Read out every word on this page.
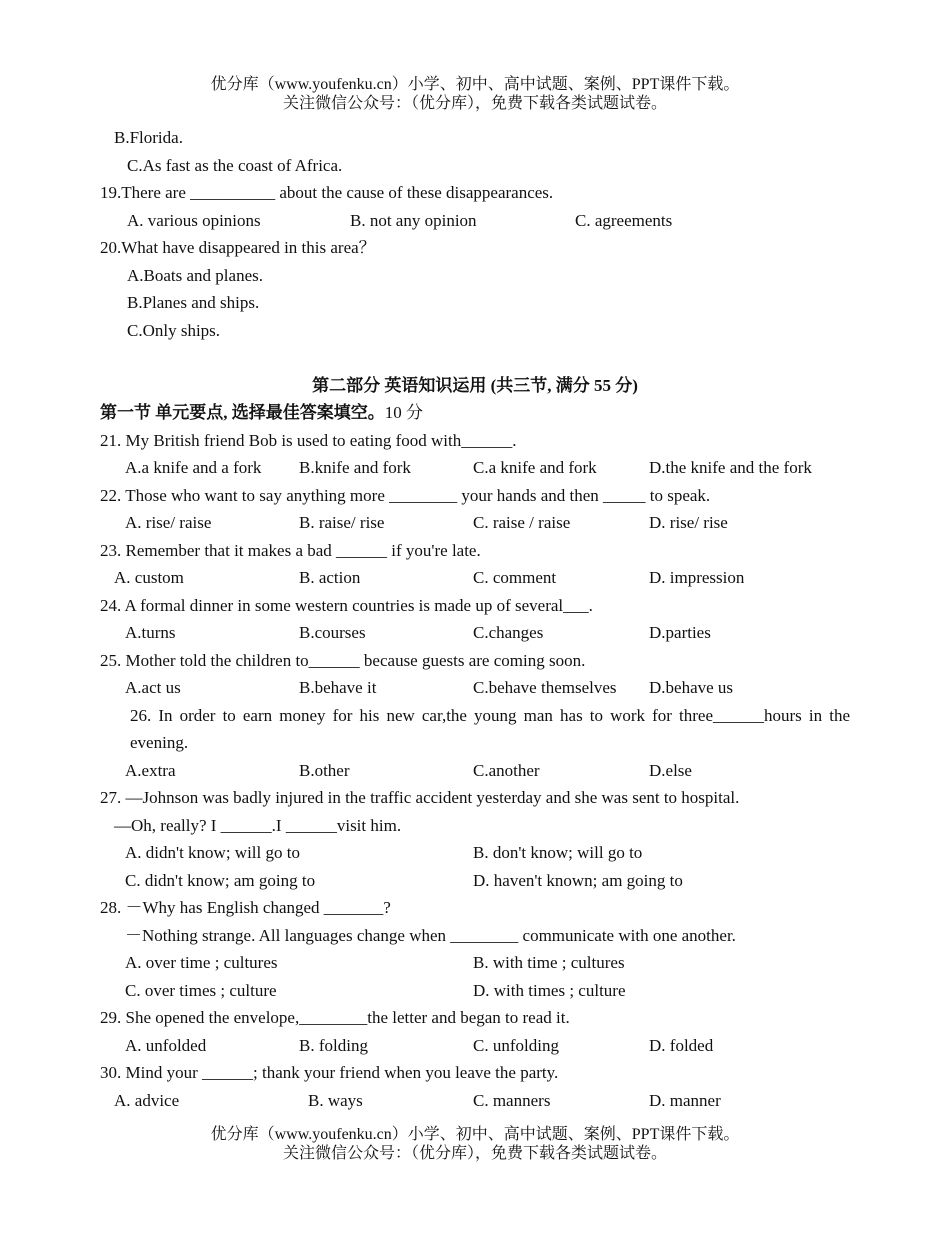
优分库（www.youfenku.cn）小学、初中、高中试题、案例、PPT课件下载。
关注微信公众号：（优分库），免费下载各类试题试卷。
B.Florida.
C.As fast as the coast of Africa.
19.There are __________ about the cause of these disappearances.
A. various opinions	B. not any opinion	C. agreements
20.What have disappeared in this area？
A.Boats and planes.
B.Planes and ships.
C.Only ships.
第二部分 英语知识运用 (共三节, 满分 55 分)
第一节 单元要点, 选择最佳答案填空。10 分
21. My British friend Bob is used to eating food with______.
A.a knife and a fork B.knife and fork	C.a knife and fork	D.the knife and the fork
22. Those who want to say anything more ________ your hands and then _____ to speak.
A. rise/ raise	B. raise/ rise	C. raise / raise	D. rise/ rise
23. Remember that it makes a bad ______ if you're late.
A. custom	B. action	C. comment	D. impression
24. A formal dinner in some western countries is made up of several___.
A.turns	B.courses	C.changes	D.parties
25. Mother told the children to______ because guests are coming soon.
A.act us	B.behave it	C.behave themselves D.behave us
26. In order to earn money for his new car,the young man has to work for three______hours in the evening.
A.extra	B.other	C.another	D.else
27. —Johnson was badly injured in the traffic accident yesterday and she was sent to hospital.
—Oh, really? I ______.I ______visit him.
A. didn't know; will go to	B. don't know; will go to
C. didn't know; am going to	D. haven't known; am going to
28. －Why has English changed _______?
－Nothing strange. All languages change when ________ communicate with one another.
A. over time ; cultures	B. with time ; cultures
C. over times ; culture	D. with times ; culture
29. She opened the envelope,________the letter and began to read it.
A. unfolded	B. folding	C. unfolding	D. folded
30. Mind your ______; thank your friend when you leave the party.
A. advice	B. ways	C. manners	D. manner
优分库（www.youfenku.cn）小学、初中、高中试题、案例、PPT课件下载。
关注微信公众号：（优分库），免费下载各类试题试卷。
